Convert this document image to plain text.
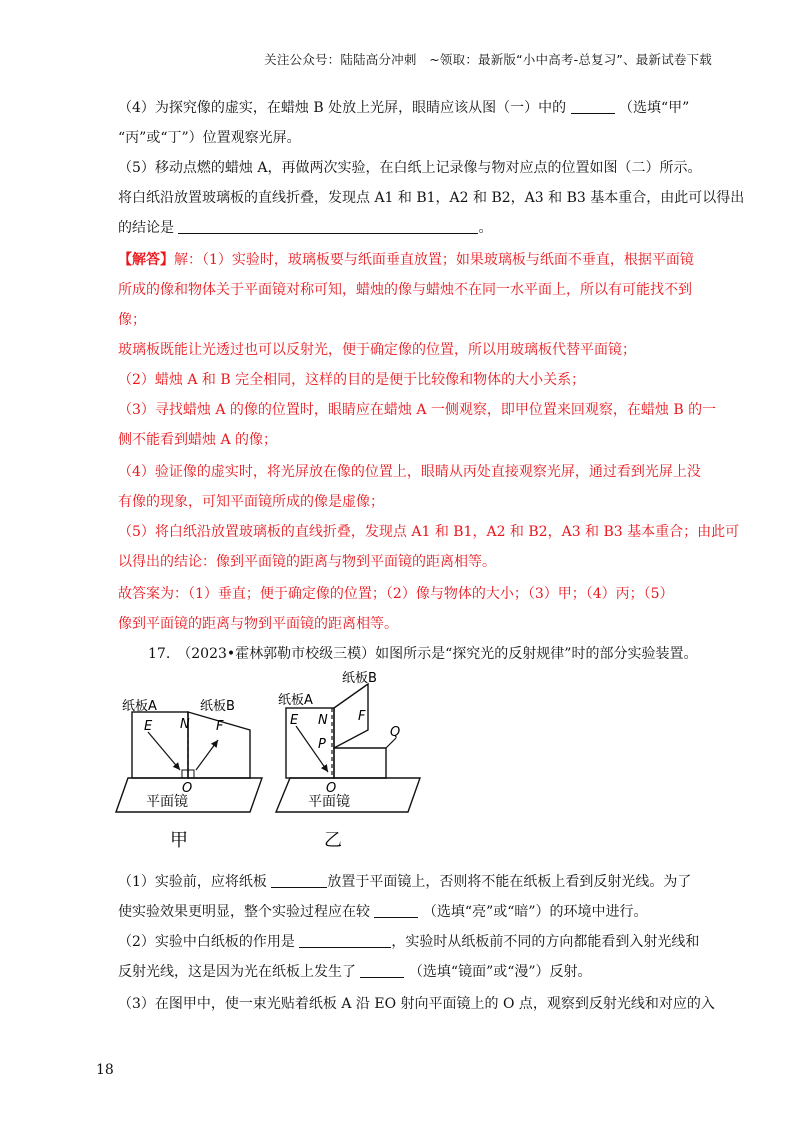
关注公众号：陆陆高分冲刺　~领取：最新版“小中高考-总复习”、最新试卷下载
（4）为探究像的虚实，在蜡烛 B 处放上光屏，眼睛应该从图（一）中的	（选填“甲”
“丙”或“丁”）位置观察光屏。
（5）移动点燃的蜡烛 A，再做两次实验，在白纸上记录像与物对应点的位置如图（二）所示。
将白纸沿放置玻璃板的直线折叠，发现点 A1 和 B1，A2 和 B2，A3 和 B3 基本重合，由此可以得出
的结论是	。
【解答】解：（1）实验时，玻璃板要与纸面垂直放置；如果玻璃板与纸面不垂直，根据平面镜
所成的像和物体关于平面镜对称可知，蜡烛的像与蜡烛不在同一水平面上，所以有可能找不到
像；
玻璃板既能让光透过也可以反射光，便于确定像的位置，所以用玻璃板代替平面镜；
（2）蜡烛 A 和 B 完全相同，这样的目的是便于比较像和物体的大小关系；
（3）寻找蜡烛 A 的像的位置时，眼睛应在蜡烛 A 一侧观察，即甲位置来回观察，在蜡烛 B 的一
侧不能看到蜡烛 A 的像；
（4）验证像的虚实时，将光屏放在像的位置上，眼睛从丙处直接观察光屏，通过看到光屏上没
有像的现象，可知平面镜所成的像是虚像；
（5）将白纸沿放置玻璃板的直线折叠，发现点 A1 和 B1，A2 和 B2，A3 和 B3 基本重合；由此可
以得出的结论：像到平面镜的距离与物到平面镜的距离相等。
故答案为：（1）垂直；便于确定像的位置；（2）像与物体的大小；（3）甲；（4）丙；（5）
像到平面镜的距离与物到平面镜的距离相等。
17.　（2023•霍林郭勒市校级三模）如图所示是“探究光的反射规律”时的部分实验装置。
纸板A	纸板B
E N F
O
平面镜
甲
纸板A
纸板B
E N F
P
O
Q
平面镜
乙
（1）实验前，应将纸板	放置于平面镜上，否则将不能在纸板上看到反射光线。为了
使实验效果更明显，整个实验过程应在较	（选填“亮”或“暗”）的环境中进行。
（2）实验中白纸板的作用是	，实验时从纸板前不同的方向都能看到入射光线和
反射光线，这是因为光在纸板上发生了	（选填“镜面”或“漫”）反射。
（3）在图甲中，使一束光贴着纸板 A 沿 EO 射向平面镜上的 O 点，观察到反射光线和对应的入
18
